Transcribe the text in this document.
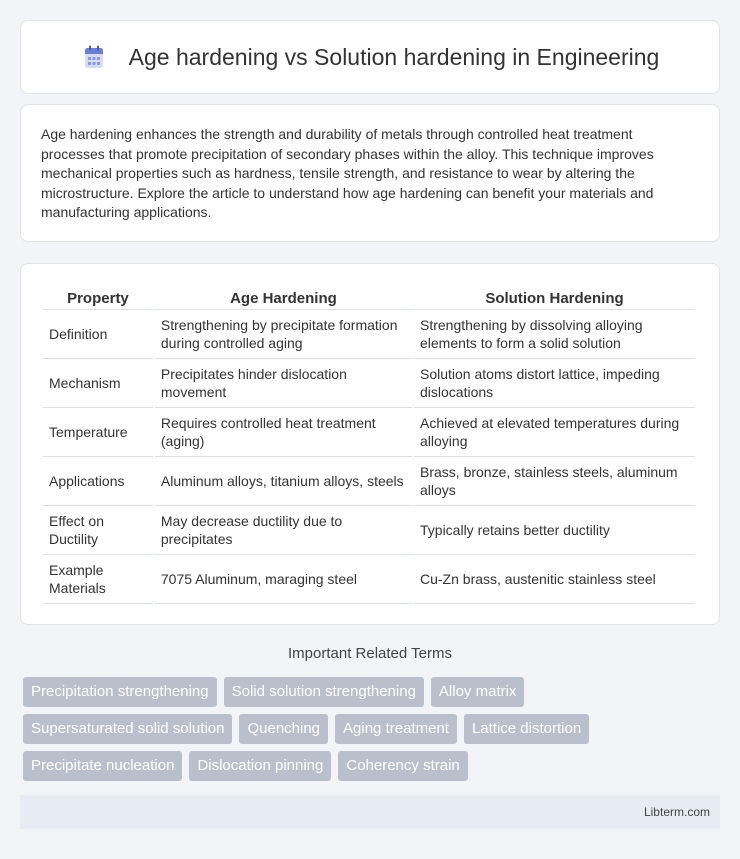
Age hardening vs Solution hardening in Engineering

Age hardening enhances the strength and durability of metals through controlled heat treatment processes that promote precipitation of secondary phases within the alloy. This technique improves mechanical properties such as hardness, tensile strength, and resistance to wear by altering the microstructure. Explore the article to understand how age hardening can benefit your materials and manufacturing applications.

Property	Age Hardening	Solution Hardening
Definition	Strengthening by precipitate formation during controlled aging	Strengthening by dissolving alloying elements to form a solid solution
Mechanism	Precipitates hinder dislocation movement	Solution atoms distort lattice, impeding dislocations
Temperature	Requires controlled heat treatment (aging)	Achieved at elevated temperatures during alloying
Applications	Aluminum alloys, titanium alloys, steels	Brass, bronze, stainless steels, aluminum alloys
Effect on Ductility	May decrease ductility due to precipitates	Typically retains better ductility
Example Materials	7075 Aluminum, maraging steel	Cu-Zn brass, austenitic stainless steel
Important Related Terms
Precipitation strengthening	Solid solution strengthening	Alloy matrix
Supersaturated solid solution	Quenching	Aging treatment	Lattice distortion
Precipitate nucleation	Dislocation pinning	Coherency strain
Libterm.com
